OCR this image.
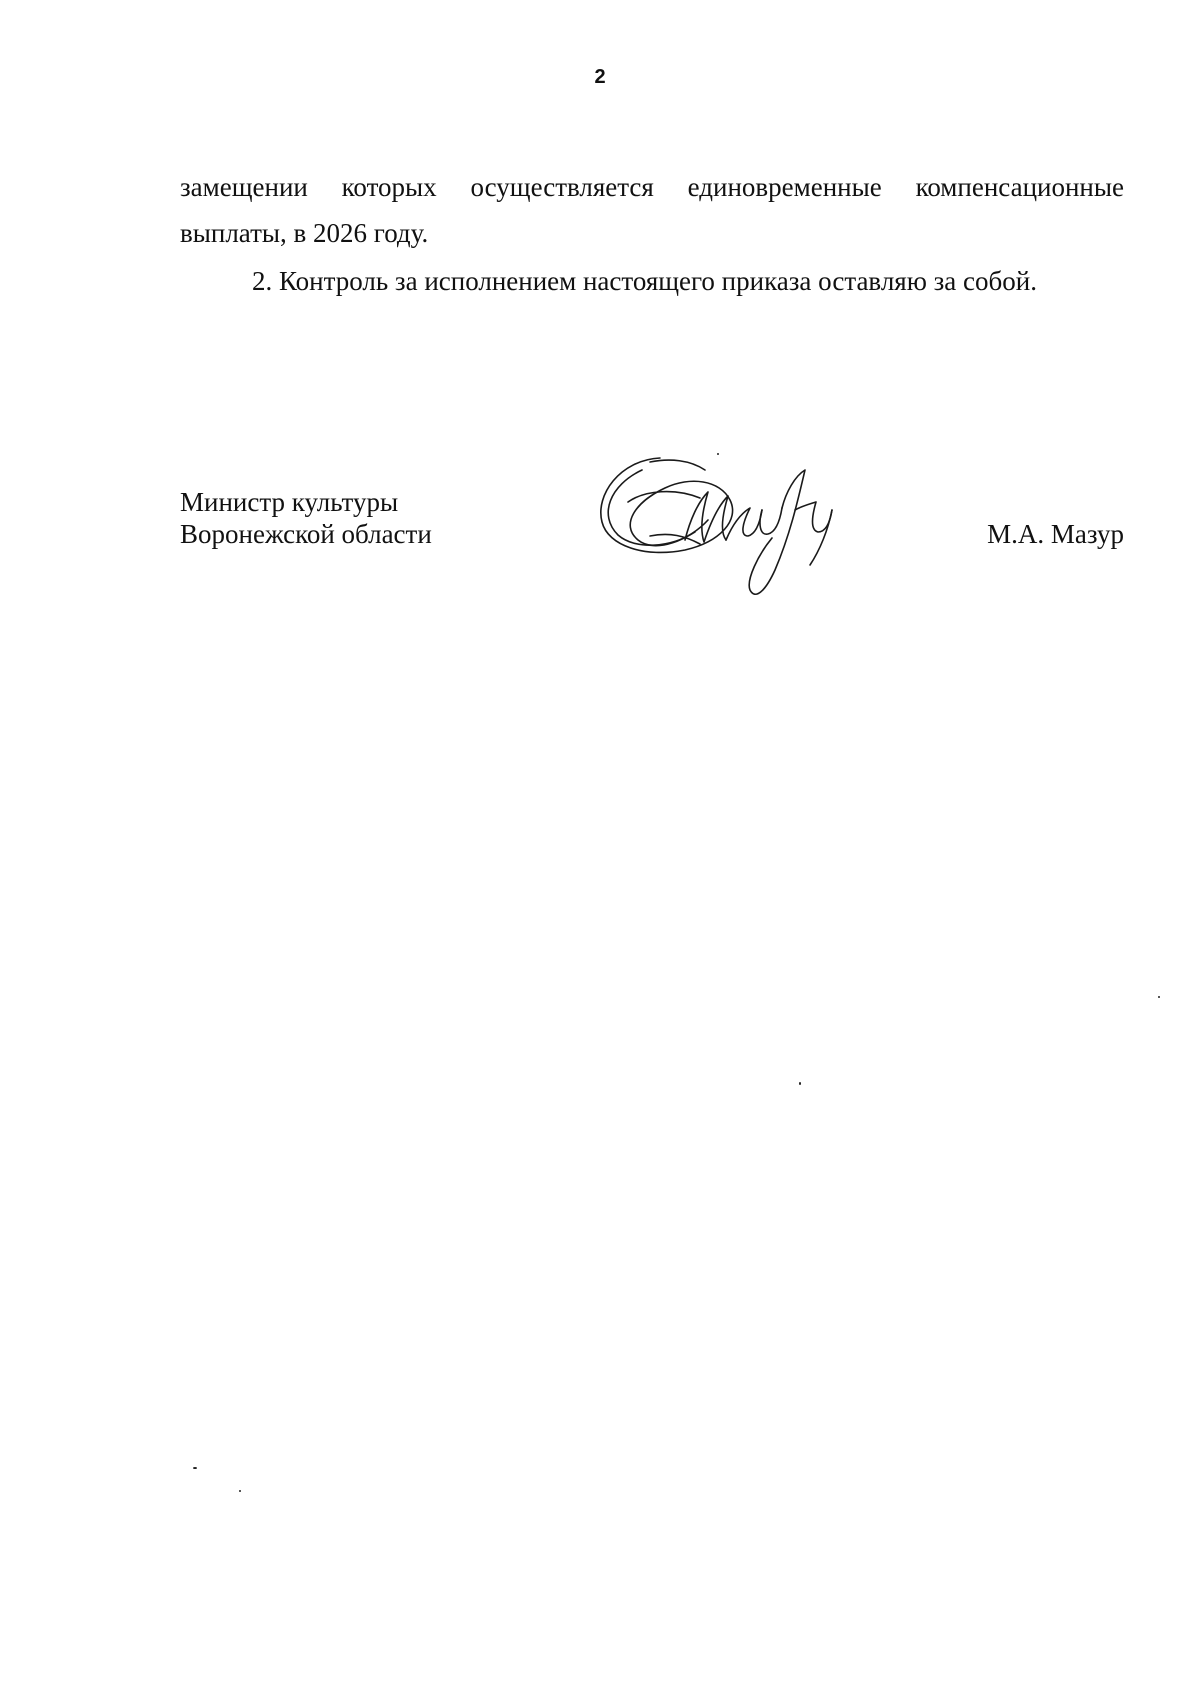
2
замещении которых осуществляется единовременные компенсационные
выплаты, в 2026 году.
2. Контроль за исполнением настоящего приказа оставляю за собой.
Министр культуры
Воронежской области	М.А. Мазур
